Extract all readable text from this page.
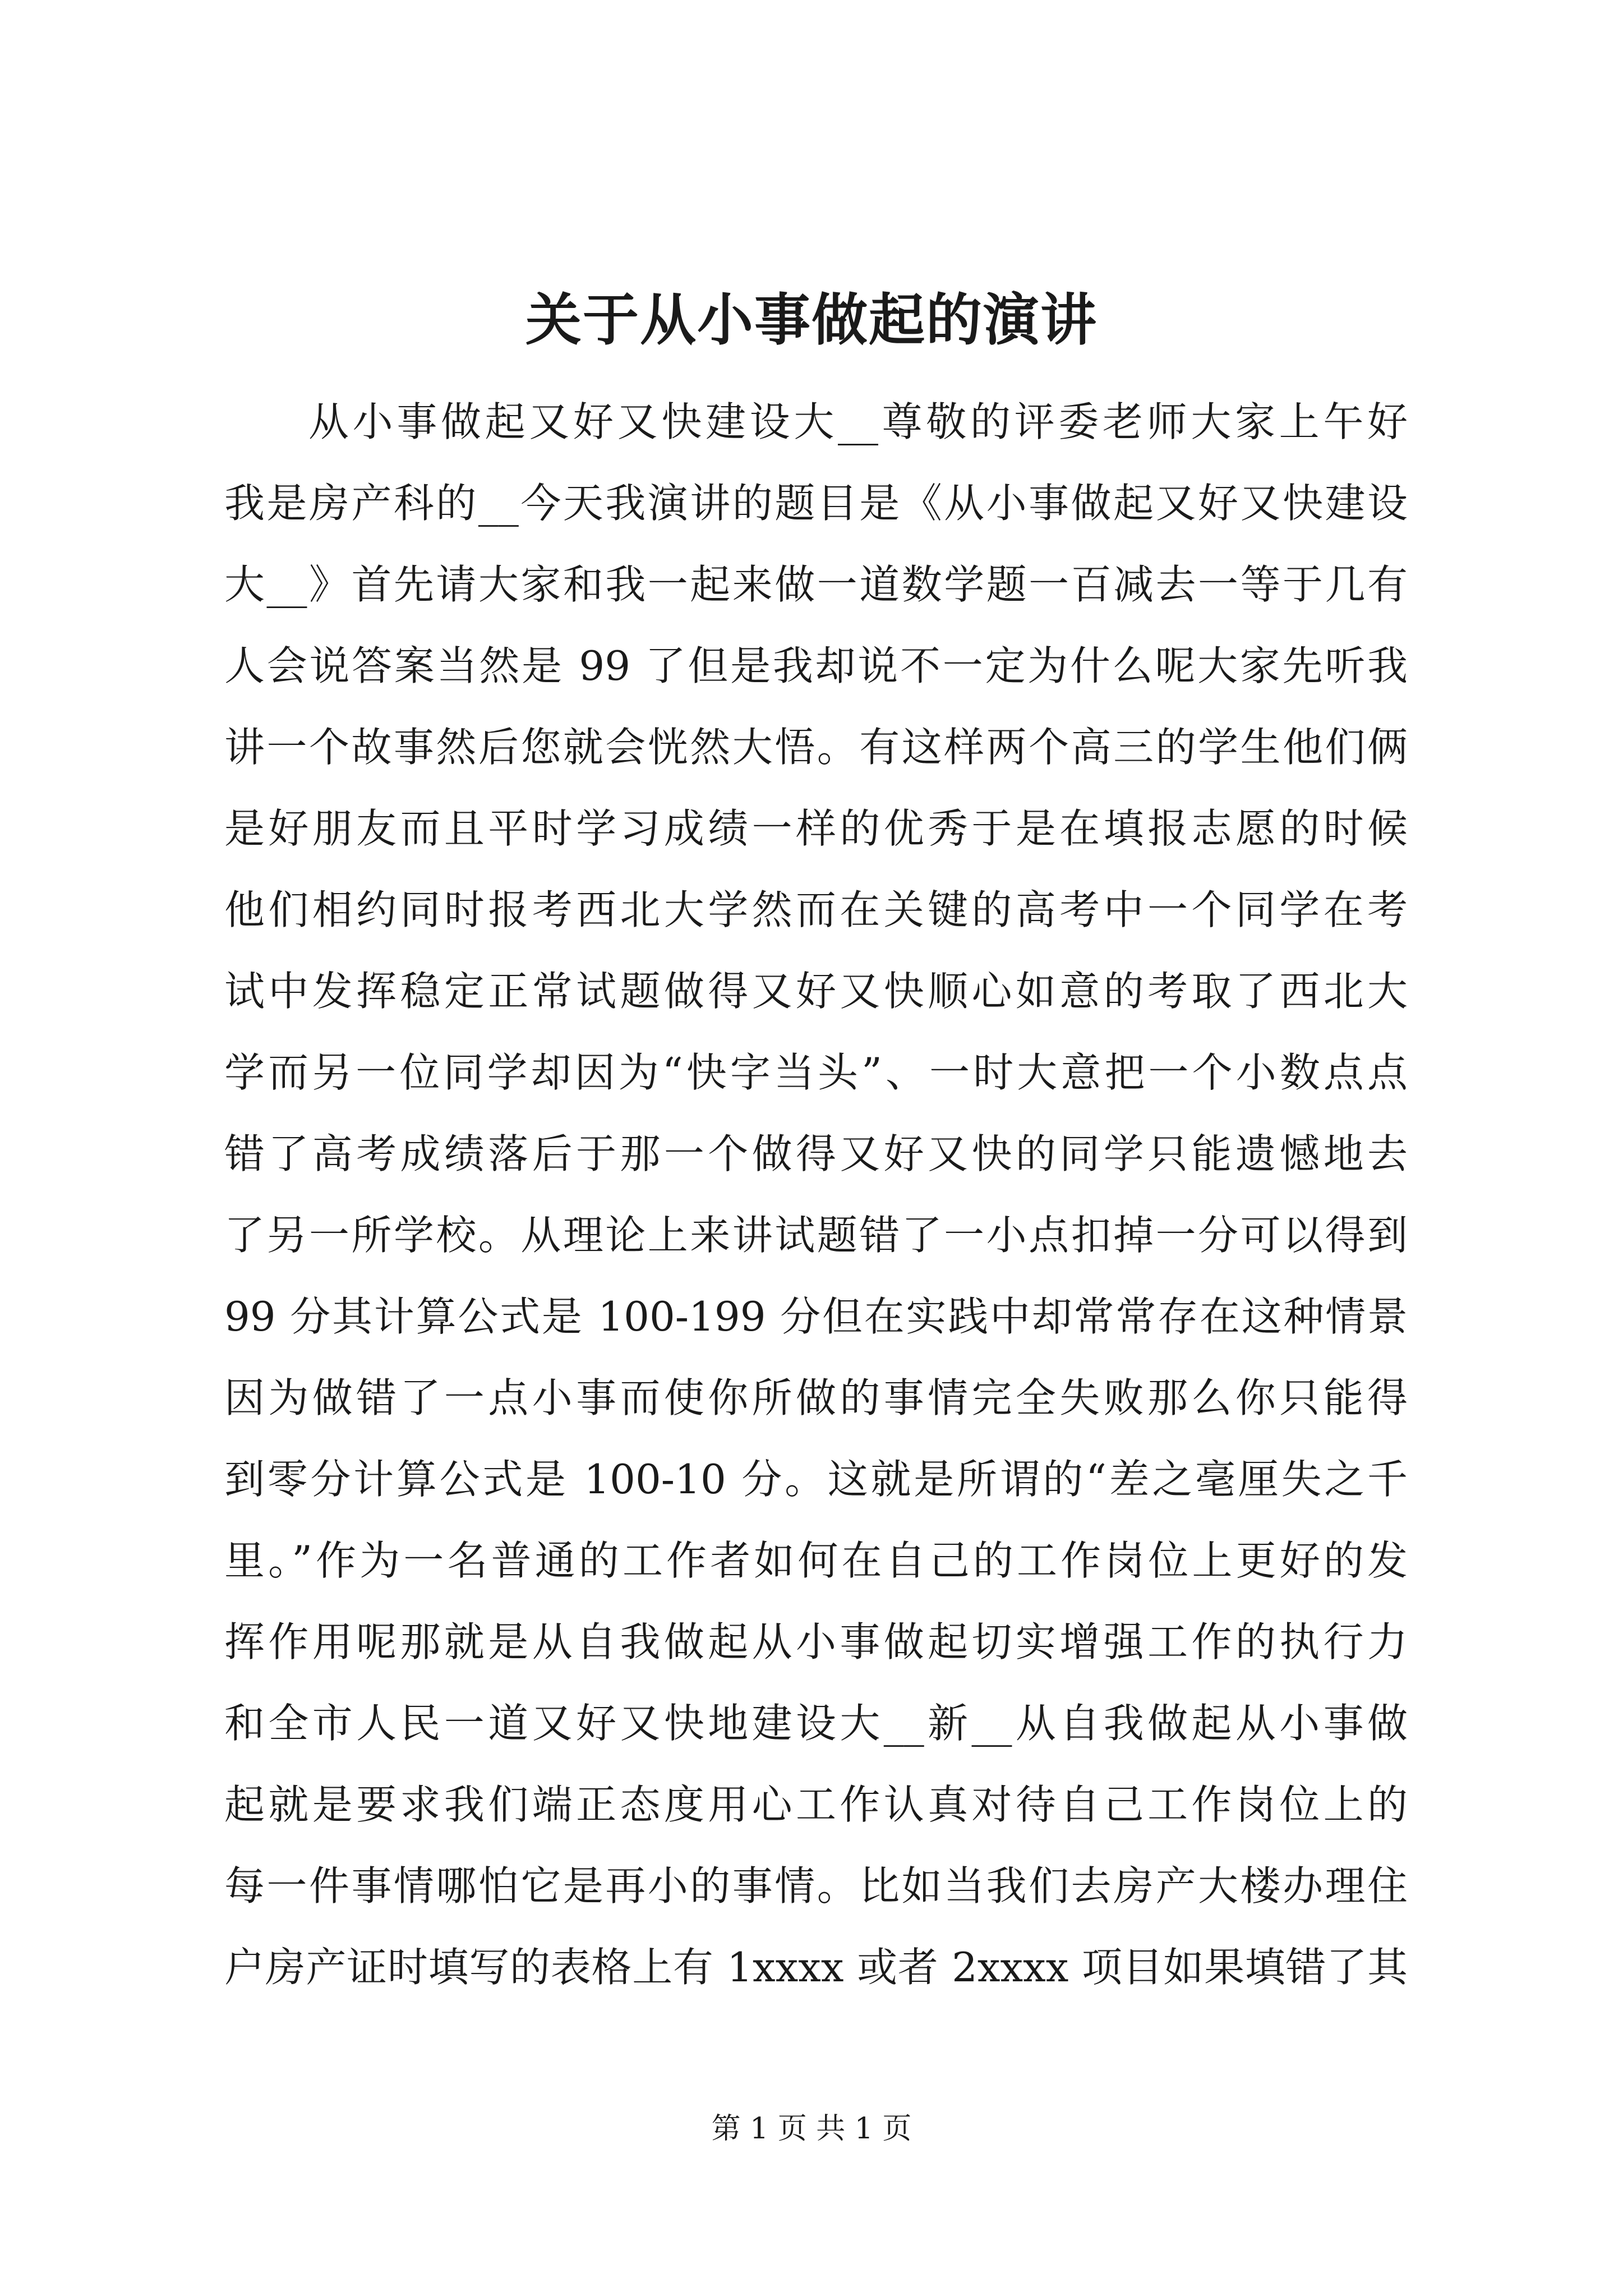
关于从小事做起的演讲
从小事做起又好又快建设大__尊敬的评委老师大家上午好
我是房产科的__今天我演讲的题目是《从小事做起又好又快建设
大__》首先请大家和我一起来做一道数学题一百减去一等于几有
人会说答案当然是 99 了但是我却说不一定为什么呢大家先听我
讲一个故事然后您就会恍然大悟。有这样两个高三的学生他们俩
是好朋友而且平时学习成绩一样的优秀于是在填报志愿的时候
他们相约同时报考西北大学然而在关键的高考中一个同学在考
试中发挥稳定正常试题做得又好又快顺心如意的考取了西北大
学而另一位同学却因为“快字当头”、一时大意把一个小数点点
错了高考成绩落后于那一个做得又好又快的同学只能遗憾地去
了另一所学校。从理论上来讲试题错了一小点扣掉一分可以得到
99 分其计算公式是 100-199 分但在实践中却常常存在这种情景
因为做错了一点小事而使你所做的事情完全失败那么你只能得
到零分计算公式是 100-10 分。这就是所谓的“差之毫厘失之千
里。”作为一名普通的工作者如何在自己的工作岗位上更好的发
挥作用呢那就是从自我做起从小事做起切实增强工作的执行力
和全市人民一道又好又快地建设大__新__从自我做起从小事做
起就是要求我们端正态度用心工作认真对待自己工作岗位上的
每一件事情哪怕它是再小的事情。比如当我们去房产大楼办理住
户房产证时填写的表格上有 1xxxx 或者 2xxxx 项目如果填错了其
第 1 页 共 1 页
